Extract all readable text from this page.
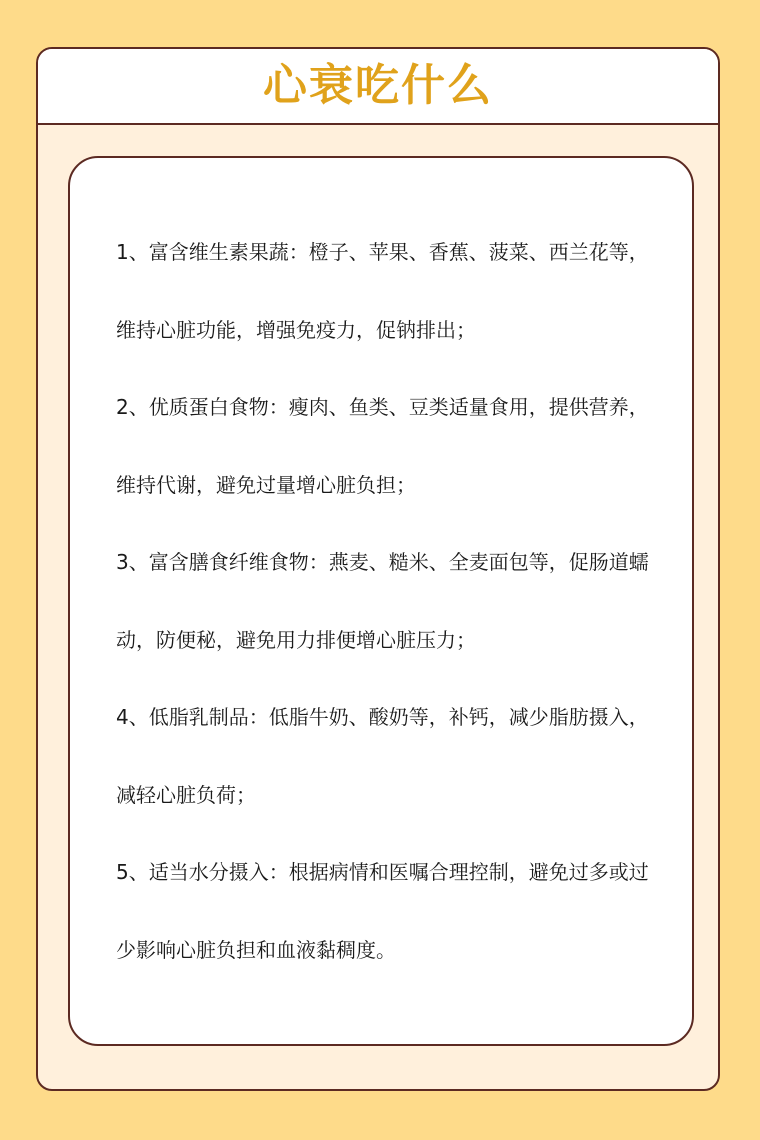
心衰吃什么

1、富含维生素果蔬：橙子、苹果、香蕉、菠菜、西兰花等，维持心脏功能，增强免疫力，促钠排出；

2、优质蛋白食物：瘦肉、鱼类、豆类适量食用，提供营养，维持代谢，避免过量增心脏负担；

3、富含膳食纤维食物：燕麦、糙米、全麦面包等，促肠道蠕动，防便秘，避免用力排便增心脏压力；

4、低脂乳制品：低脂牛奶、酸奶等，补钙，减少脂肪摄入，减轻心脏负荷；

5、适当水分摄入：根据病情和医嘱合理控制，避免过多或过少影响心脏负担和血液黏稠度。
